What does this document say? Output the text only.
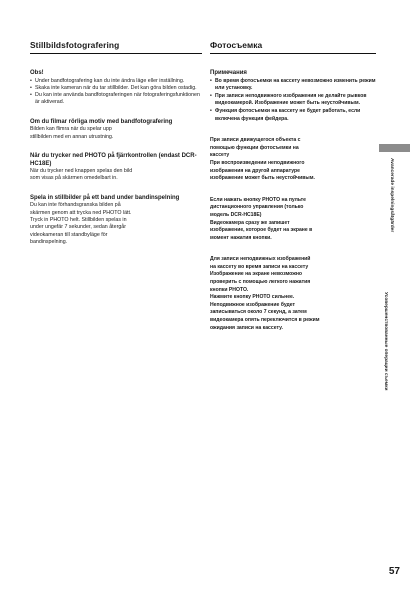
Stillbildsfotografering

Obs!

• Under bandfotografering kan du inte ändra läge eller inställning.
• Skaka inte kameran när du tar stillbilder. Det kan göra bilden ostadig.
• Du kan inte använda bandfotograferingen när fotograferingsfunktionen är aktiverad.

Om du filmar rörliga motiv med bandfotografering

Bilden kan flimra när du spelar upp

stillbilden med en annan utrustning.

När du trycker ned PHOTO på fjärrkontrollen (endast DCR-HC18E)

När du trycker ned knappen spelas den bild

som visas på skärmen omedelbart in.

Spela in stillbilder på ett band under bandinspelning

Du kan inte förhandsgranska bilden på

skärmen genom att trycka ned PHOTO lätt.

Tryck in PHOTO helt. Stillbilden spelas in

under ungefär 7 sekunder, sedan återgår

videokameran till standbyläge för

bandinspelning.

Фотосъемка

Примечания

• Во время фотосъемки на кассету невозможно изменить режим или установку.
• При записи неподвижного изображения не делайте рывков видеокамерой. Изображение может быть неустойчивым.
• Функция фотосъемки на кассету не будет работать, если включена функция фейдера.

При записи движущегося объекта с

помощью функции фотосъемки на

кассету

При воспроизведении неподвижного

изображения на другой аппаратуре

изображение может быть неустойчивым.

Если нажать кнопку PHOTO на пульте

дистанционного управления (только

модель DCR-HC18E)

Видеокамера сразу же запишет

изображение, которое будет на экране в

момент нажатия кнопки.

Для записи неподвижных изображений

на кассету во время записи на кассету

Изображение на экране невозможно

проверить с помощью легкого нажатия

кнопки PHOTO.

Нажмите кнопку PHOTO сильнее.

Неподвижное изображение будет

записываться около 7 секунд, а затем

видеокамера опять переключится в режим

ожидания записи на кассету.

Avancerade inspelningsåtgärder
Усовершенствованные операции съемки
57
